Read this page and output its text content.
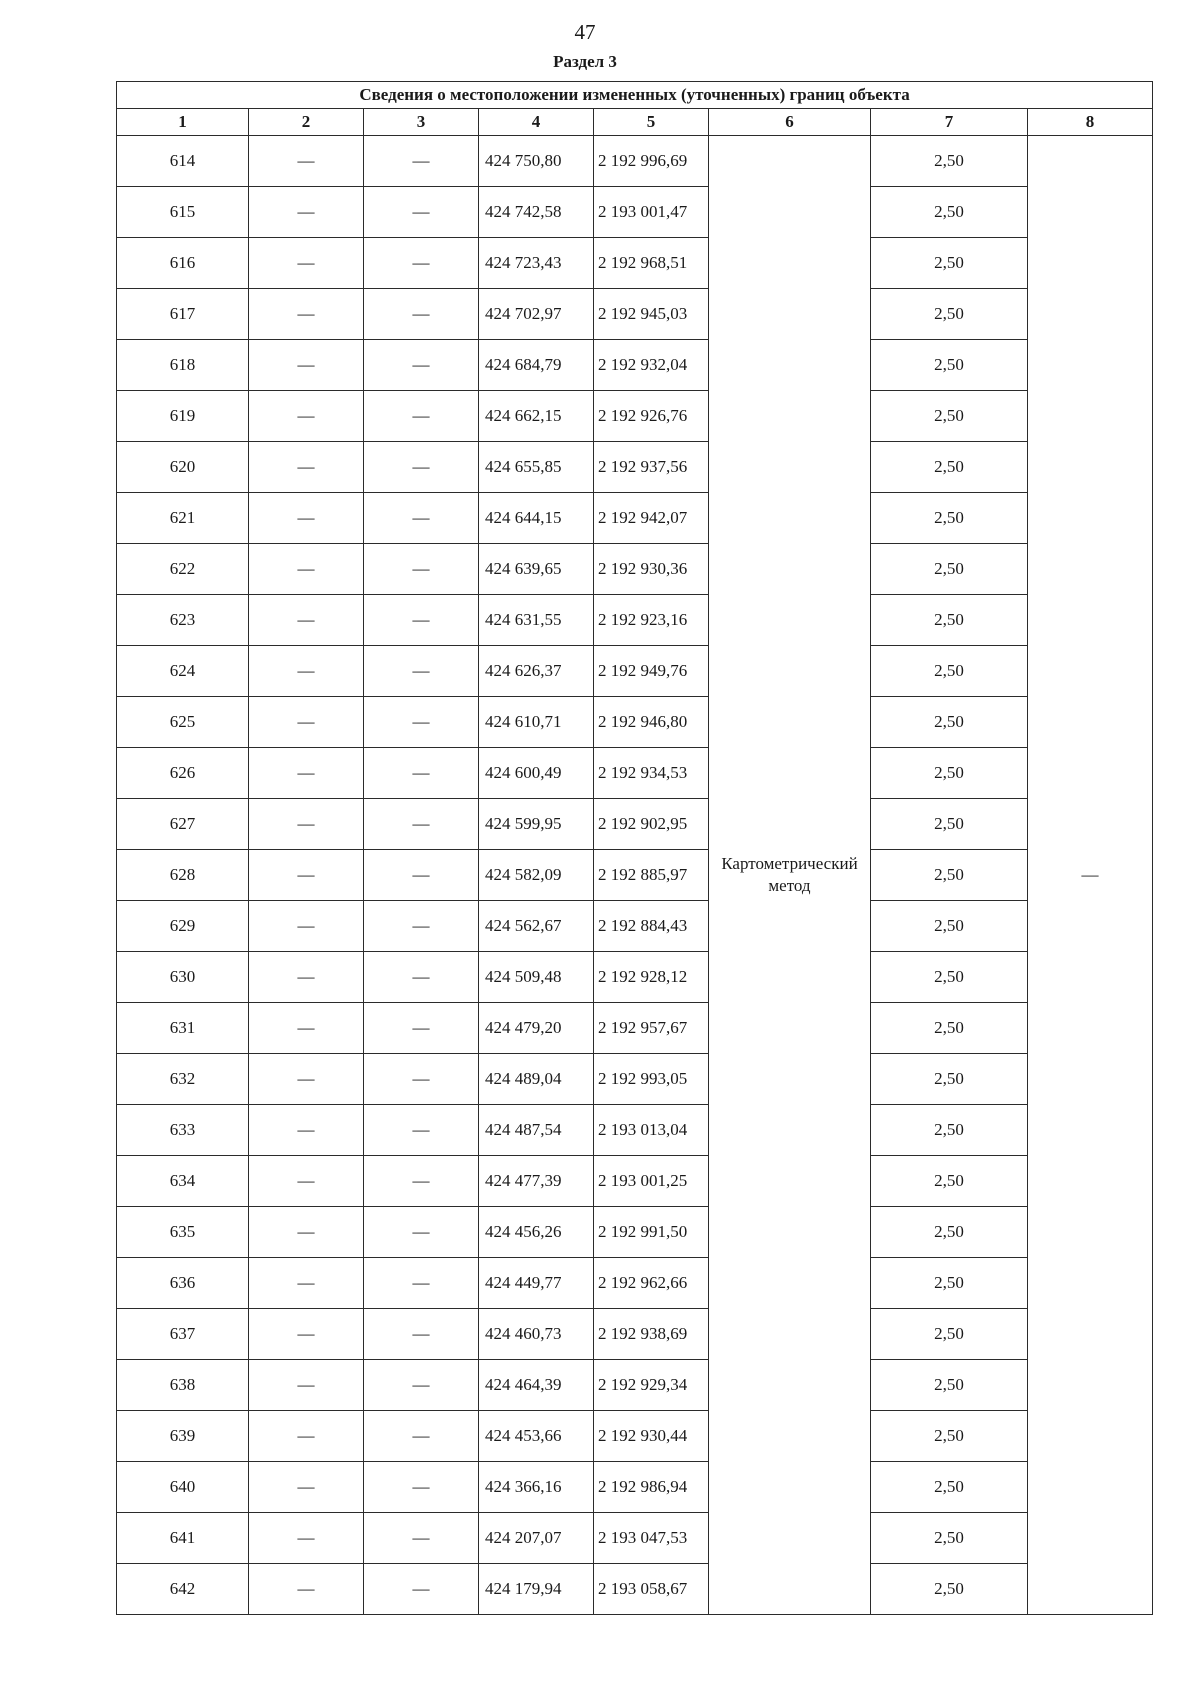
47
Раздел 3
Сведения о местоположении измененных (уточненных) границ объекта							
1	2	3	4	5	6	7	8
614	—	—	424 750,80	2 192 996,69	Картометрический метод	2,50	—
615	—	—	424 742,58	2 193 001,47		2,50	
616	—	—	424 723,43	2 192 968,51		2,50	
617	—	—	424 702,97	2 192 945,03		2,50	
618	—	—	424 684,79	2 192 932,04		2,50	
619	—	—	424 662,15	2 192 926,76		2,50	
620	—	—	424 655,85	2 192 937,56		2,50	
621	—	—	424 644,15	2 192 942,07		2,50	
622	—	—	424 639,65	2 192 930,36		2,50	
623	—	—	424 631,55	2 192 923,16		2,50	
624	—	—	424 626,37	2 192 949,76		2,50	
625	—	—	424 610,71	2 192 946,80		2,50	
626	—	—	424 600,49	2 192 934,53		2,50	
627	—	—	424 599,95	2 192 902,95		2,50	
628	—	—	424 582,09	2 192 885,97		2,50	
629	—	—	424 562,67	2 192 884,43		2,50	
630	—	—	424 509,48	2 192 928,12		2,50	
631	—	—	424 479,20	2 192 957,67		2,50	
632	—	—	424 489,04	2 192 993,05		2,50	
633	—	—	424 487,54	2 193 013,04		2,50	
634	—	—	424 477,39	2 193 001,25		2,50	
635	—	—	424 456,26	2 192 991,50		2,50	
636	—	—	424 449,77	2 192 962,66		2,50	
637	—	—	424 460,73	2 192 938,69		2,50	
638	—	—	424 464,39	2 192 929,34		2,50	
639	—	—	424 453,66	2 192 930,44		2,50	
640	—	—	424 366,16	2 192 986,94		2,50	
641	—	—	424 207,07	2 193 047,53		2,50	
642	—	—	424 179,94	2 193 058,67		2,50	
